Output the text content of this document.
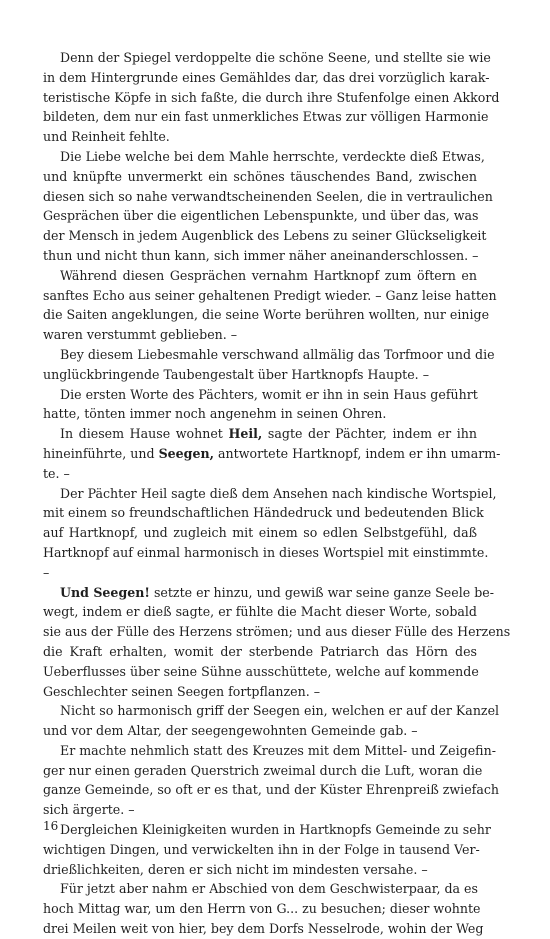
Denn der Spiegel verdoppelte die schöne Seene, und stellte sie wie
in dem Hintergrunde eines Gemähldes dar, das drei vorzüglich karak-
teristische Köpfe in sich faßte, die durch ihre Stufenfolge einen Akkord
bildeten, dem nur ein fast unmerkliches Etwas zur völligen Harmonie
und Reinheit fehlte.
Die Liebe welche bei dem Mahle herrschte, verdeckte dieß Etwas,
und knüpfte unvermerkt ein schönes täuschendes Band, zwischen
diesen sich so nahe verwandtscheinenden Seelen, die in vertraulichen
Gesprächen über die eigentlichen Lebenspunkte, und über das, was
der Mensch in jedem Augenblick des Lebens zu seiner Glückseligkeit
thun und nicht thun kann, sich immer näher aneinanderschlossen. –
Während diesen Gesprächen vernahm Hartknopf zum öftern en
sanftes Echo aus seiner gehaltenen Predigt wieder. – Ganz leise hatten
die Saiten angeklungen, die seine Worte berühren wollten, nur einige
waren verstummt geblieben. –
Bey diesem Liebesmahle verschwand allmälig das Torfmoor und die
unglückbringende Taubengestalt über Hartknopfs Haupte. –
Die ersten Worte des Pächters, womit er ihn in sein Haus geführt
hatte, tönten immer noch angenehm in seinen Ohren.
In diesem Hause wohnet Heil, sagte der Pächter, indem er ihn
hineinführte, und Seegen, antwortete Hartknopf, indem er ihn umarm-
te. –
Der Pächter Heil sagte dieß dem Ansehen nach kindische Wortspiel,
mit einem so freundschaftlichen Händedruck und bedeutenden Blick
auf Hartknopf, und zugleich mit einem so edlen Selbstgefühl, daß
Hartknopf auf einmal harmonisch in dieses Wortspiel mit einstimmte.
–
Und Seegen! setzte er hinzu, und gewiß war seine ganze Seele be-
wegt, indem er dieß sagte, er fühlte die Macht dieser Worte, sobald
sie aus der Fülle des Herzens strömen; und aus dieser Fülle des Herzens
die Kraft erhalten, womit der sterbende Patriarch das Hörn des
Ueberflusses über seine Sühne ausschüttete, welche auf kommende
Geschlechter seinen Seegen fortpflanzen. –
Nicht so harmonisch griff der Seegen ein, welchen er auf der Kanzel
und vor dem Altar, der seegengewohnten Gemeinde gab. –
Er machte nehmlich statt des Kreuzes mit dem Mittel- und Zeigefin-
ger nur einen geraden Querstrich zweimal durch die Luft, woran die
ganze Gemeinde, so oft er es that, und der Küster Ehrenpreiß zwiefach
sich ärgerte. –
Dergleichen Kleinigkeiten wurden in Hartknopfs Gemeinde zu sehr
wichtigen Dingen, und verwickelten ihn in der Folge in tausend Ver-
drießlichkeiten, deren er sich nicht im mindesten versahe. –
Für jetzt aber nahm er Abschied von dem Geschwisterpaar, da es
hoch Mittag war, um den Herrn von G... zu besuchen; dieser wohnte
drei Meilen weit von hier, bey dem Dorfs Nesselrode, wohin der Weg
16
